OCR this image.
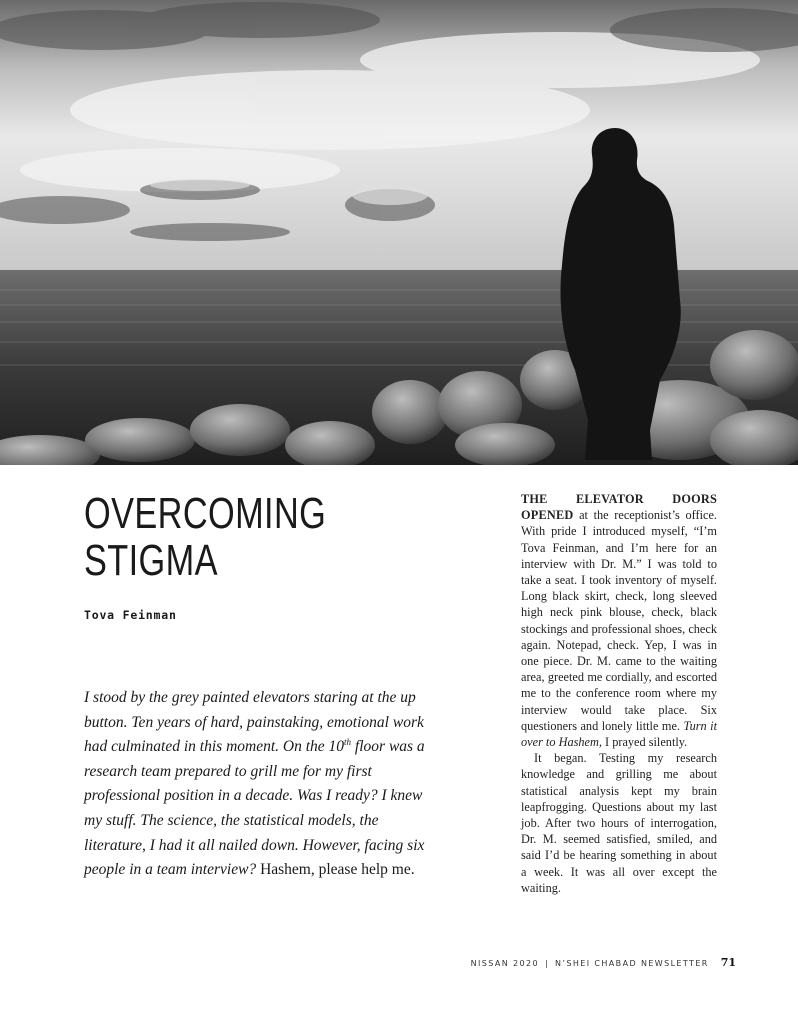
OVERCOMING
STIGMA
Tova Feinman

I stood by the grey painted elevators staring at the up button. Ten years of hard, painstaking, emotional work had culminated in this moment. On the 10th floor was a research team prepared to grill me for my first professional position in a decade. Was I ready? I knew my stuff. The science, the statistical models, the literature, I had it all nailed down. However, facing six people in a team interview? Hashem, please help me.

THE ELEVATOR DOORS OPENED at the receptionist’s office. With pride I introduced myself, “I’m Tova Feinman, and I’m here for an interview with Dr. M.” I was told to take a seat. I took inventory of myself. Long black skirt, check, long sleeved high neck pink blouse, check, black stockings and professional shoes, check again. Notepad, check. Yep, I was in one piece. Dr. M. came to the waiting area, greeted me cordially, and escorted me to the conference room where my interview would take place. Six questioners and lonely little me. Turn it over to Hashem, I prayed silently.

It began. Testing my research knowledge and grilling me about statistical analysis kept my brain leapfrogging. Questions about my last job. After two hours of interrogation, Dr. M. seemed satisfied, smiled, and said I’d be hearing something in about a week. It was all over except the waiting.

NISSAN 2020 | N’SHEI CHABAD NEWSLETTER 71
